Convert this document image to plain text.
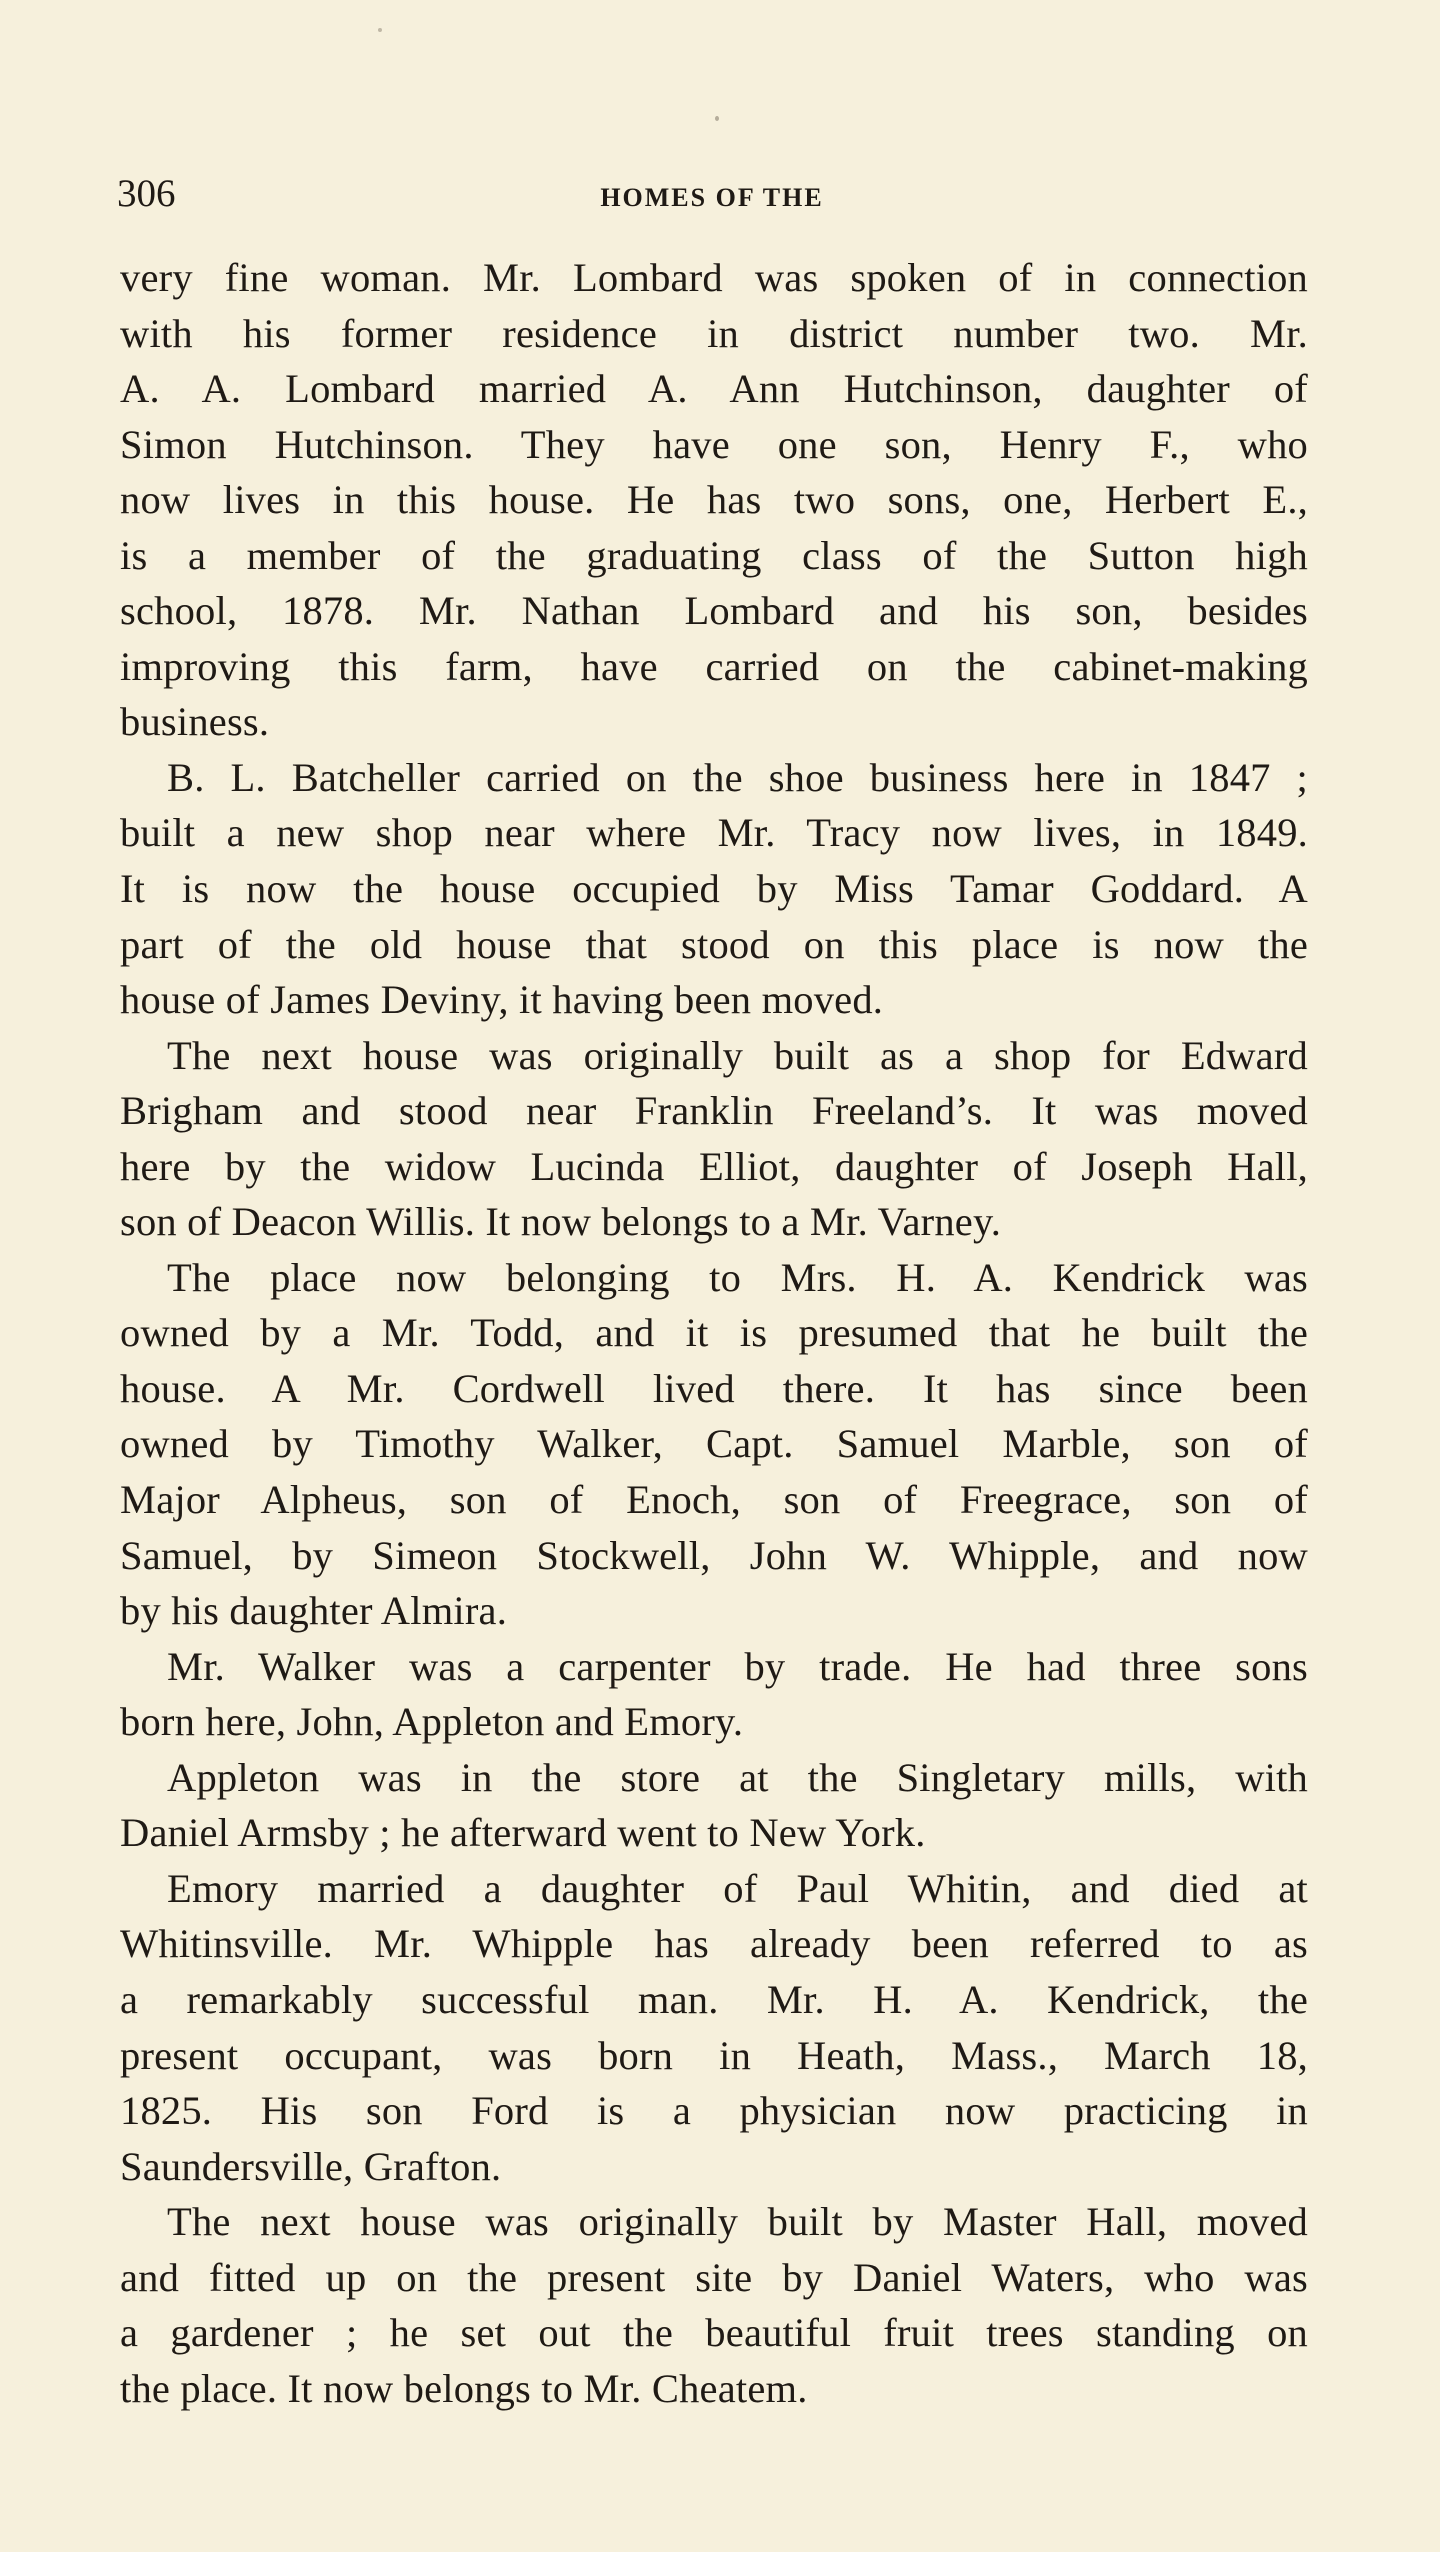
306	HOMES OF THE
very fine woman. Mr. Lombard was spoken of in connection
with his former residence in district number two. Mr.
A. A. Lombard married A. Ann Hutchinson, daughter of
Simon Hutchinson. They have one son, Henry F., who
now lives in this house. He has two sons, one, Herbert E.,
is a member of the graduating class of the Sutton high
school, 1878. Mr. Nathan Lombard and his son, besides
improving this farm, have carried on the cabinet-making
business.
B. L. Batcheller carried on the shoe business here in 1847 ;
built a new shop near where Mr. Tracy now lives, in 1849.
It is now the house occupied by Miss Tamar Goddard. A
part of the old house that stood on this place is now the
house of James Deviny, it having been moved.
The next house was originally built as a shop for Edward
Brigham and stood near Franklin Freeland’s. It was moved
here by the widow Lucinda Elliot, daughter of Joseph Hall,
son of Deacon Willis. It now belongs to a Mr. Varney.
The place now belonging to Mrs. H. A. Kendrick was
owned by a Mr. Todd, and it is presumed that he built the
house. A Mr. Cordwell lived there. It has since been
owned by Timothy Walker, Capt. Samuel Marble, son of
Major Alpheus, son of Enoch, son of Freegrace, son of
Samuel, by Simeon Stockwell, John W. Whipple, and now
by his daughter Almira.
Mr. Walker was a carpenter by trade. He had three sons
born here, John, Appleton and Emory.
Appleton was in the store at the Singletary mills, with
Daniel Armsby ; he afterward went to New York.
Emory married a daughter of Paul Whitin, and died at
Whitinsville. Mr. Whipple has already been referred to as
a remarkably successful man. Mr. H. A. Kendrick, the
present occupant, was born in Heath, Mass., March 18,
1825. His son Ford is a physician now practicing in
Saundersville, Grafton.
The next house was originally built by Master Hall, moved
and fitted up on the present site by Daniel Waters, who was
a gardener ; he set out the beautiful fruit trees standing on
the place. It now belongs to Mr. Cheatem.
